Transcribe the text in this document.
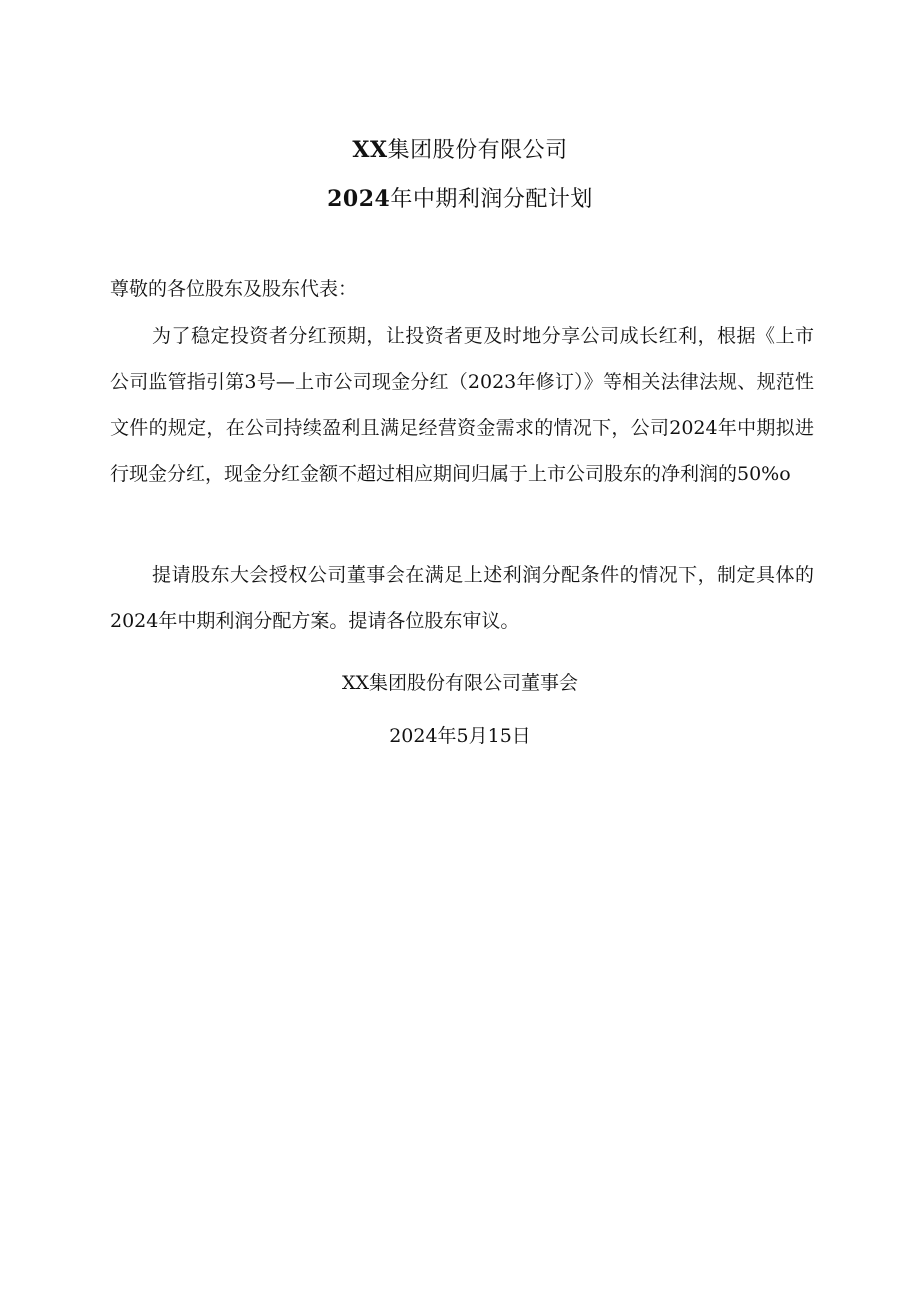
XX集团股份有限公司
2024年中期利润分配计划
尊敬的各位股东及股东代表：
为了稳定投资者分红预期，让投资者更及时地分享公司成长红利，根据《上市公司监管指引第3号—上市公司现金分红（2023年修订）》等相关法律法规、规范性文件的规定，在公司持续盈利且满足经营资金需求的情况下，公司2024年中期拟进行现金分红，现金分红金额不超过相应期间归属于上市公司股东的净利润的50%o
提请股东大会授权公司董事会在满足上述利润分配条件的情况下，制定具体的2024年中期利润分配方案。提请各位股东审议。
XX集团股份有限公司董事会
2024年5月15日
